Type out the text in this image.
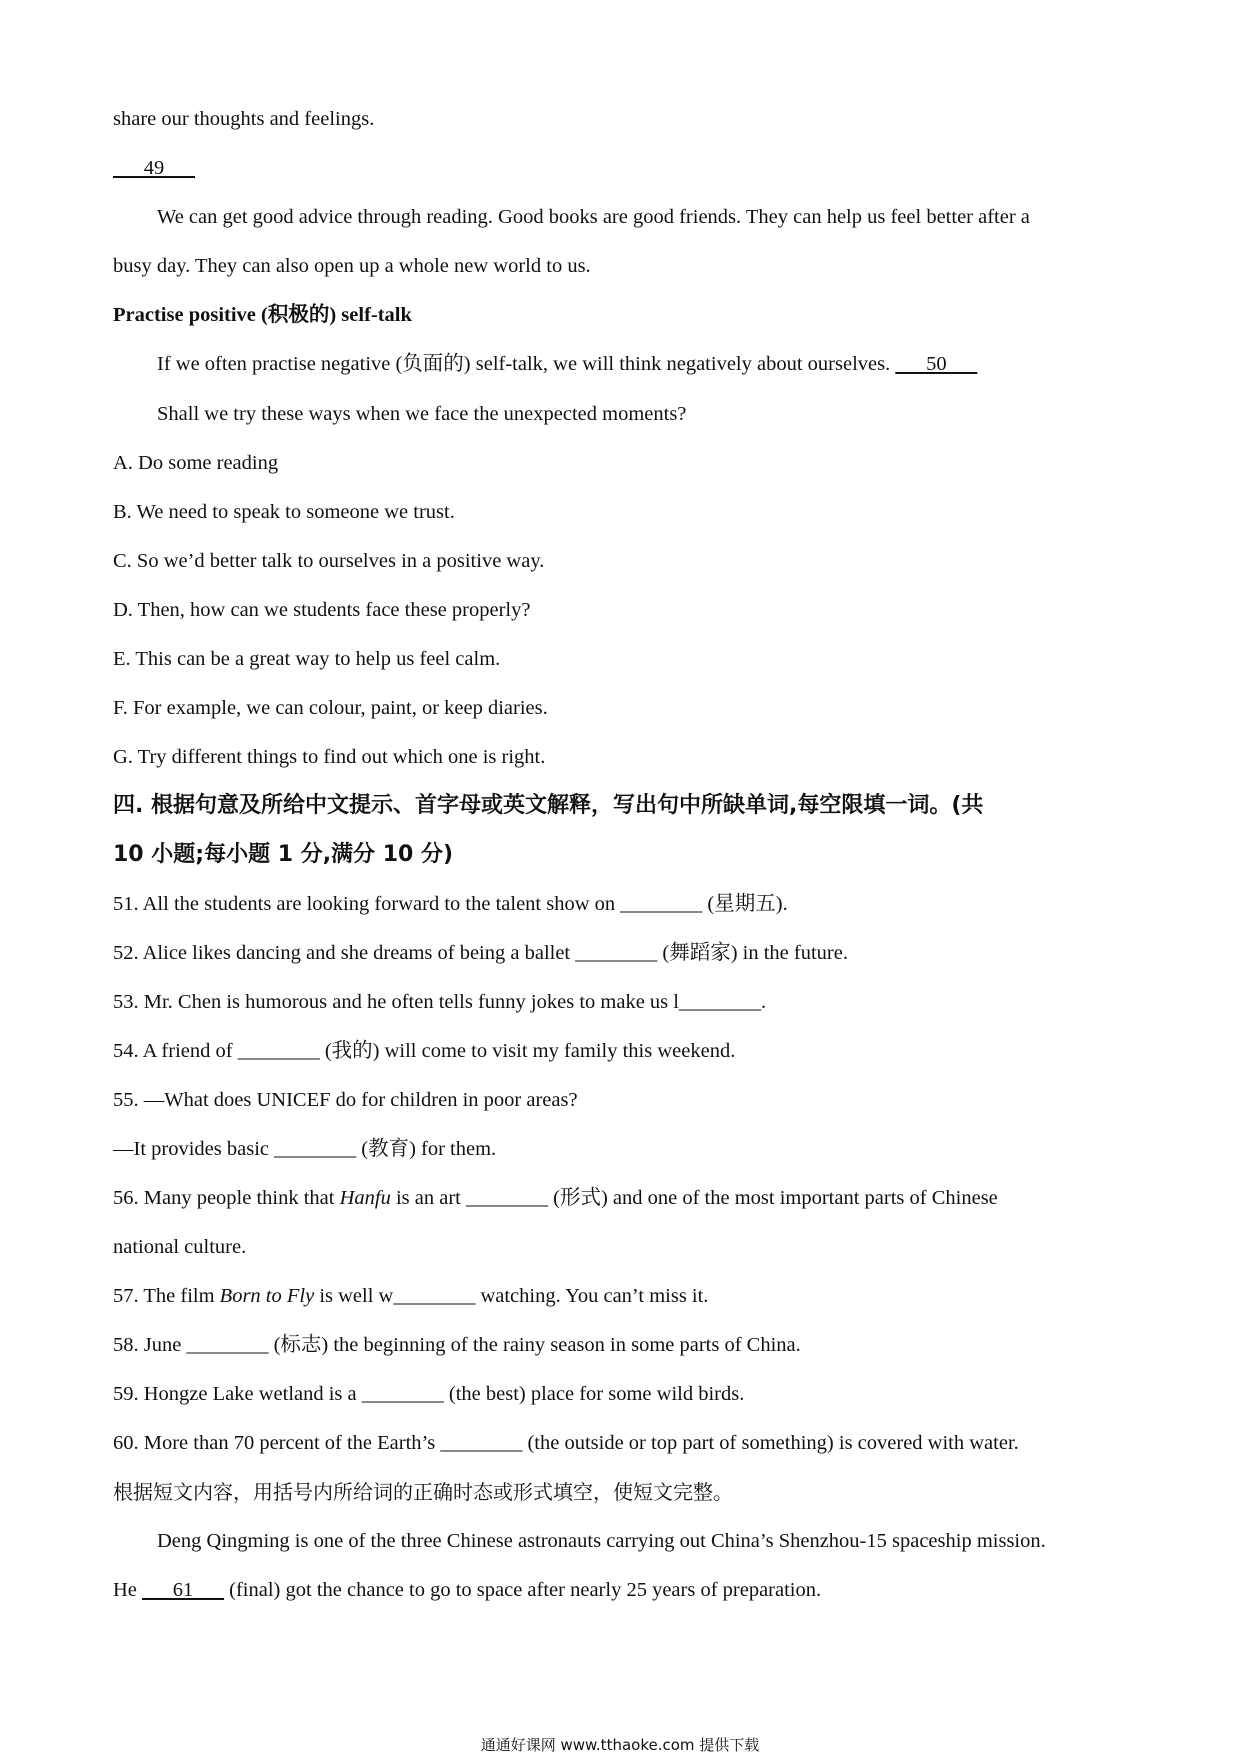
share our thoughts and feelings.
49
We can get good advice through reading. Good books are good friends. They can help us feel better after a
busy day. They can also open up a whole new world to us.
Practise positive (积极的) self-talk
If we often practise negative (负面的) self-talk, we will think negatively about ourselves.       50
Shall we try these ways when we face the unexpected moments?
A. Do some reading
B. We need to speak to someone we trust.
C. So we’d better talk to ourselves in a positive way.
D. Then, how can we students face these properly?
E. This can be a great way to help us feel calm.
F. For example, we can colour, paint, or keep diaries.
G. Try different things to find out which one is right.
四. 根据句意及所给中文提示、首字母或英文解释，写出句中所缺单词,每空限填一词。(共
10 小题;每小题 1 分,满分 10 分)
51. All the students are looking forward to the talent show on ________ (星期五).
52. Alice likes dancing and she dreams of being a ballet ________ (舞蹈家) in the future.
53. Mr. Chen is humorous and he often tells funny jokes to make us l________.
54. A friend of ________ (我的) will come to visit my family this weekend.
55. —What does UNICEF do for children in poor areas?
—It provides basic ________ (教育) for them.
56. Many people think that Hanfu is an art ________ (形式) and one of the most important parts of Chinese
national culture.
57. The film Born to Fly is well w________ watching. You can’t miss it.
58. June ________ (标志) the beginning of the rainy season in some parts of China.
59. Hongze Lake wetland is a ________ (the best) place for some wild birds.
60. More than 70 percent of the Earth’s ________ (the outside or top part of something) is covered with water.
根据短文内容，用括号内所给词的正确时态或形式填空，使短文完整。
Deng Qingming is one of the three Chinese astronauts carrying out China’s Shenzhou-15 spaceship mission.
He       61       (final) got the chance to go to space after nearly 25 years of preparation.
通通好课网 www.tthaoke.com 提供下载
